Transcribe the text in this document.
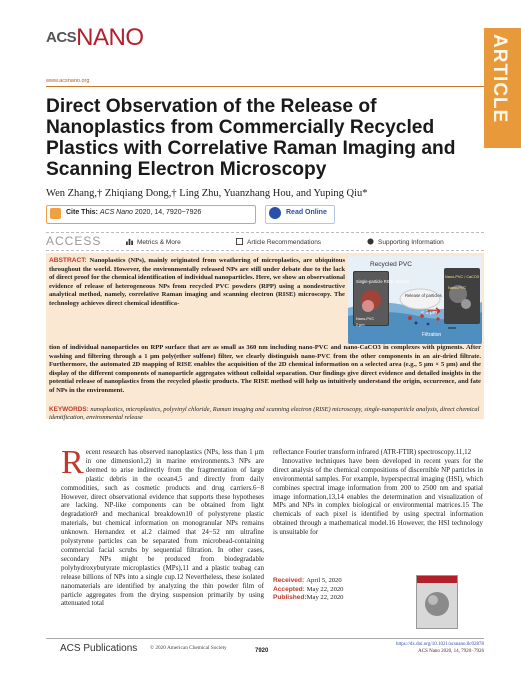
$^{ACS}$NANO
www.acsnano.org	ARTICLE
Direct Observation of the Release of Nanoplastics from Commercially Recycled Plastics with Correlative Raman Imaging and Scanning Electron Microscopy
Wen Zhang,† Zhiqiang Dong,† Ling Zhu, Yuanzhang Hou, and Yuping Qiu*
Cite This: ACS Nano 2020, 14, 7920−7926	Read Online
ACCESS	Metrics & More	Article Recommendations	Supporting Information
ABSTRACT: Nanoplastics (NPs), mainly originated from weathering of microplastics, are ubiquitous throughout the world. However, the environmentally released NPs are still under debate due to the lack of direct proof for the chemical identification of individual nanoparticles. Here, we show an observational evidence of release of heterogeneous NPs from recycled PVC powders (RPP) using a nondestructive analytical method, namely, correlative Raman imaging and scanning electron (RISE) microscopy. The technology achieves direct chemical identifica-
tion of individual nanoparticles on RPP surface that are as small as 360 nm including nano-PVC and nano-CaCO3 in complexes with pigments. After washing and filtering through a 1 μm poly(ether sulfone) filter, we clearly distinguish nano-PVC from the other components in an air-dried filtrate. Furthermore, the automated 2D mapping of RISE enables the acquisition of the 2D chemical information on a selected area (e.g., 5 μm × 5 μm) and the display of the different components of nanoparticle aggregates without colloidal separation. Our findings give direct evidence and detailed insights in the potential release of nanoplastics from the recycled plastic products. The RISE method will help us intuitively understand the origin, occurrence, and fate of NPs in the environment.
Recycled PVC
Single-particle RISE analysis
Release of particles
< 1 μm
Filtration
Nano-PVC / CaCO3
Nano-PVC
Nano-PVC
2 μm
KEYWORDS: nanoplastics, microplastics, polyvinyl chloride, Raman imaging and scanning electron (RISE) microscopy, single-nanoparticle analysis, direct chemical identification, environmental release
Recent research has observed nanoplastics (NPs, less than 1 μm in one dimension1,2) in marine environments.3 NPs are deemed to arise indirectly from the fragmentation of large plastic debris in the ocean4,5 and directly from daily commodities, such as cosmetic products and drug carriers.6−8 However, direct observational evidence that supports these hypotheses are lacking. NP-like components can be obtained from light degradation9 and mechanical breakdown10 of polystyrene plastic materials, but chemical information on monogranular NPs remains unknown. Hernandez et al.2 claimed that 24−52 nm ultrafine polystyrene particles can be separated from microbead-containing commercial facial scrubs by sequential filtration. In other cases, secondary NPs might be produced from biodegradable polyhydroxybutyrate microplastics (MPs),11 and a plastic teabag can release billions of NPs into a single cup.12 Nevertheless, these isolated nanomaterials are identified by analyzing the thin powder film of particle aggregates from the drying suspension primarily by using attenuated total
reflectance Fourier transform infrared (ATR-FTIR) spectroscopy.11,12
Innovative techniques have been developed in recent years for the direct analysis of the chemical compositions of discernible NP particles in environmental samples. For example, hyperspectral imaging (HSI), which combines spectral image information from 200 to 2500 nm and spatial image information,13,14 enables the determination and visualization of MPs and NPs in complex biological or environmental matrices.15 The chemicals of each pixel is identified by using spectral information obtained through a mathematical model.16 However, the HSI technology is unsuitable for
Received: April 5, 2020
Accepted: May 22, 2020
Published: May 22, 2020
ACS Publications © 2020 American Chemical Society	7920
https://dx.doi.org/10.1021/acsnano.0c02878
ACS Nano 2020, 14, 7920−7926
